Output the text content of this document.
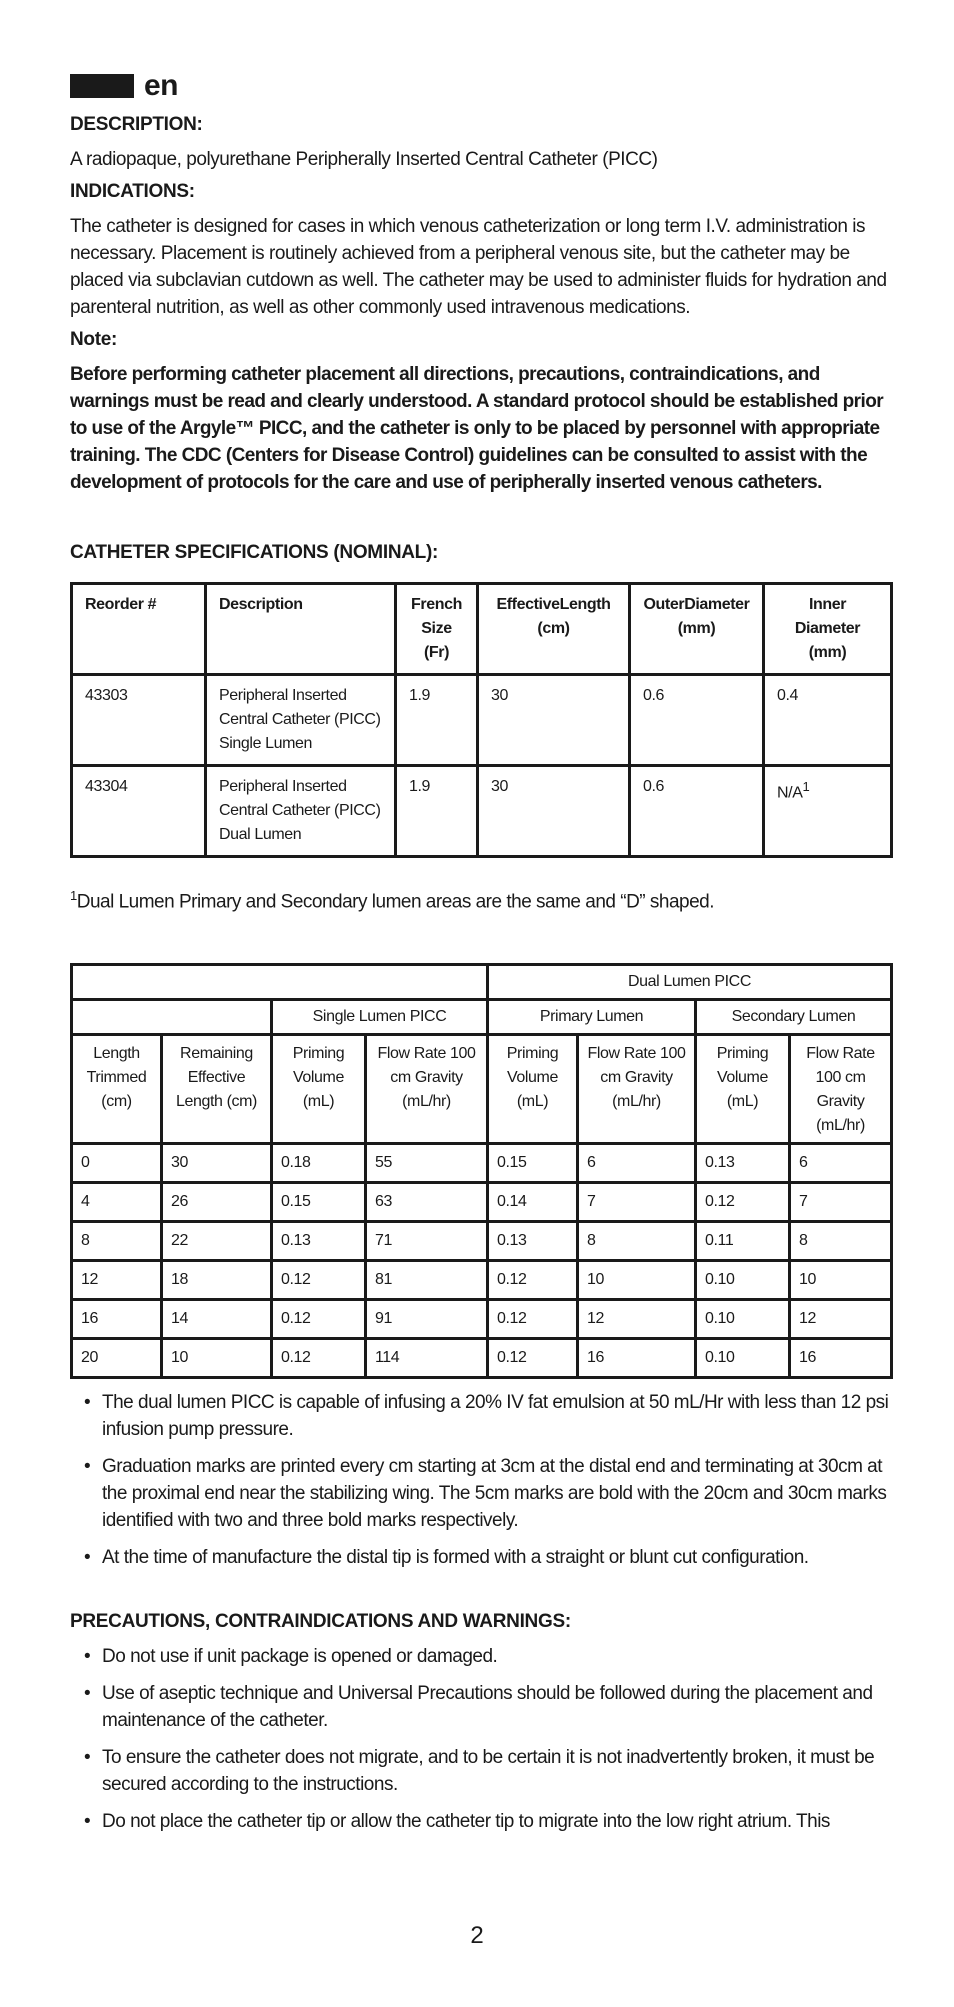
en
DESCRIPTION:
A radiopaque, polyurethane Peripherally Inserted Central Catheter (PICC)
INDICATIONS:
The catheter is designed for cases in which venous catheterization or long term I.V. administration is necessary. Placement is routinely achieved from a peripheral venous site, but the catheter may be placed via subclavian cutdown as well. The catheter may be used to administer fluids for hydration and parenteral nutrition, as well as other commonly used intravenous medications.
Note:
Before performing catheter placement all directions, precautions, contraindications, and warnings must be read and clearly understood. A standard protocol should be established prior to use of the Argyle™ PICC, and the catheter is only to be placed by personnel with appropriate training. The CDC (Centers for Disease Control) guidelines can be consulted to assist with the development of protocols for the care and use of peripherally inserted venous catheters.
CATHETER SPECIFICATIONS (NOMINAL):
Reorder #	Description	French Size (Fr)	EffectiveLength (cm)	OuterDiameter (mm)	Inner Diameter (mm)
43303	Peripheral Inserted Central Catheter (PICC) Single Lumen	1.9	30	0.6	0.4
43304	Peripheral Inserted Central Catheter (PICC) Dual Lumen	1.9	30	0.6	$N/A^1$
$^1$Dual Lumen Primary and Secondary lumen areas are the same and “D” shaped.
				Dual Lumen PICC			
		Single Lumen PICC		Primary Lumen		Secondary Lumen	
Length Trimmed (cm)	Remaining Effective Length (cm)	Priming Volume (mL)	Flow Rate 100 cm Gravity (mL/hr)	Priming Volume (mL)	Flow Rate 100 cm Gravity (mL/hr)	Priming Volume (mL)	Flow Rate 100 cm Gravity (mL/hr)
0	30	0.18	55	0.15	6	0.13	6
4	26	0.15	63	0.14	7	0.12	7
8	22	0.13	71	0.13	8	0.11	8
12	18	0.12	81	0.12	10	0.10	10
16	14	0.12	91	0.12	12	0.10	12
20	10	0.12	114	0.12	16	0.10	16
• The dual lumen PICC is capable of infusing a 20% IV fat emulsion at 50 mL/Hr with less than 12 psi infusion pump pressure.
• Graduation marks are printed every cm starting at 3cm at the distal end and terminating at 30cm at the proximal end near the stabilizing wing. The 5cm marks are bold with the 20cm and 30cm marks identified with two and three bold marks respectively.
• At the time of manufacture the distal tip is formed with a straight or blunt cut configuration.
PRECAUTIONS, CONTRAINDICATIONS AND WARNINGS:
• Do not use if unit package is opened or damaged.
• Use of aseptic technique and Universal Precautions should be followed during the placement and maintenance of the catheter.
• To ensure the catheter does not migrate, and to be certain it is not inadvertently broken, it must be secured according to the instructions.
• Do not place the catheter tip or allow the catheter tip to migrate into the low right atrium. This
2
